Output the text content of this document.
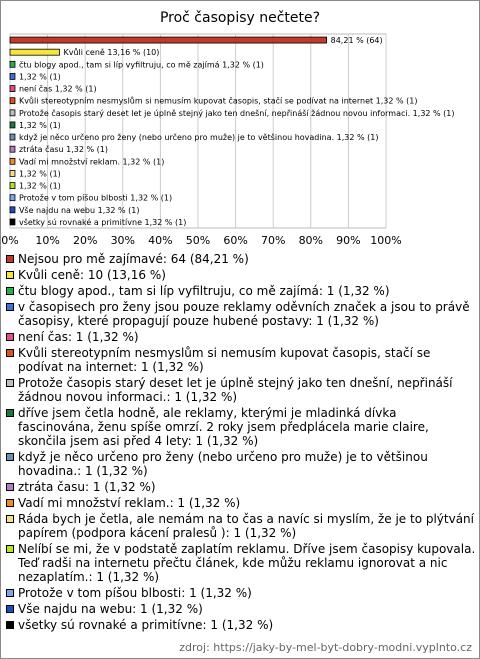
Proč časopisy nečtete?
0% 10% 20% 30% 40% 50% 60% 70% 80% 90% 100%
84,21 % (64)
Kvůli ceně 13,16 % (10)
čtu blogy apod., tam si líp vyfiltruju, co mě zajímá 1,32 % (1)
1,32 % (1)
není čas 1,32 % (1)
Kvůli stereotypním nesmyslům si nemusím kupovat časopis, stačí se podívat na internet 1,32 % (1)
Protože časopis starý deset let je úplně stejný jako ten dnešní, nepřináší žádnou novou informaci. 1,32 % (1)
1,32 % (1)
když je něco určeno pro ženy (nebo určeno pro muže) je to většinou hovadina. 1,32 % (1)
ztráta času 1,32 % (1)
Vadí mi množství reklam. 1,32 % (1)
1,32 % (1)
1,32 % (1)
Protože v tom píšou blbosti 1,32 % (1)
Vše najdu na webu 1,32 % (1)
všetky sú rovnaké a primitívne 1,32 % (1)
Nejsou pro mě zajímavé: 64 (84,21 %)
Kvůli ceně: 10 (13,16 %)
čtu blogy apod., tam si líp vyfiltruju, co mě zajímá: 1 (1,32 %)
v časopisech pro ženy jsou pouze reklamy oděvních značek a jsou to právě časopisy, které propagují pouze hubené postavy: 1 (1,32 %)
není čas: 1 (1,32 %)
Kvůli stereotypním nesmyslům si nemusím kupovat časopis, stačí se podívat na internet: 1 (1,32 %)
Protože časopis starý deset let je úplně stejný jako ten dnešní, nepřináší žádnou novou informaci.: 1 (1,32 %)
dříve jsem četla hodně, ale reklamy, kterými je mladinká dívka fascinována, ženu spíše omrzí. 2 roky jsem předplácela marie claire, skončila jsem asi před 4 lety: 1 (1,32 %)
když je něco určeno pro ženy (nebo určeno pro muže) je to většinou hovadina.: 1 (1,32 %)
ztráta času: 1 (1,32 %)
Vadí mi množství reklam.: 1 (1,32 %)
Ráda bych je četla, ale nemám na to čas a navíc si myslím, že je to plýtvání papírem (podpora kácení pralesů ): 1 (1,32 %)
Nelíbí se mi, že v podstatě zaplatím reklamu. Dříve jsem časopisy kupovala. Teď radši na internetu přečtu článek, kde můžu reklamu ignorovat a nic nezaplatím.: 1 (1,32 %)
Protože v tom píšou blbosti: 1 (1,32 %)
Vše najdu na webu: 1 (1,32 %)
všetky sú rovnaké a primitívne: 1 (1,32 %)
zdroj: https://jaky-by-mel-byt-dobry-modni.vyplnto.cz
